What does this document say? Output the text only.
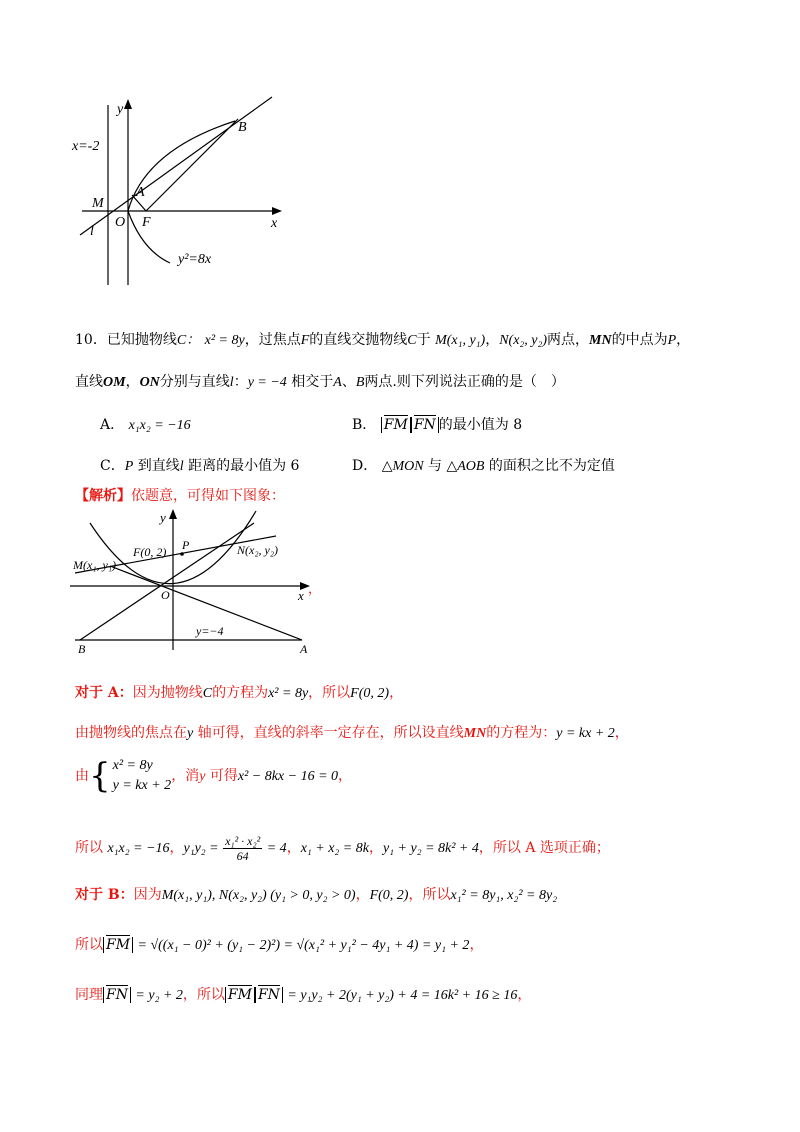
y
x
x=-2
M
l
O
A
F
B
y²=8x
10．已知抛物线C： x² = 8y，过焦点F的直线交抛物线C于 M(x₁, y₁)，N(x₂, y₂)两点，MN的中点为P，
直线OM，ON分别与直线l：y = −4 相交于A、B两点.则下列说法正确的是（　）
A． x₁x₂ = −16	B． FM FN 的最小值为 8
C．P 到直线l 距离的最小值为 6	D． △MON 与 △AOB 的面积之比不为定值
【解析】依题意，可得如下图象：
y
x
F(0, 2) P	N(x₂, y₂)
M(x₁, y₁)
O
y=−4
B	A
，
对于 A：因为抛物线C的方程为x² = 8y，所以F(0, 2)，
由抛物线的焦点在y 轴可得，直线的斜率一定存在，所以设直线MN的方程为：y = kx + 2，
由{ x² = 8y
y = kx + 2，消y 可得x² − 8kx − 16 = 0，
所以 x₁x₂ = −16，$y_1y_2 = \frac{\text{x₁² · x₂²}}{64} = 4$，x₁ + x₂ = 8k，y₁ + y₂ = 8k² + 4，所以 A 选项正确；
对于 B：因为M(x₁, y₁), N(x₂, y₂) (y₁ > 0, y₂ > 0)，F(0, 2)，所以x₁² = 8y₁, x₂² = 8y₂
所以 FM = √((x₁ − 0)² + (y₁ − 2)²) = √(x₁² + y₁² − 4y₁ + 4) = y₁ + 2，
同理 FN = y₂ + 2，所以 FM FN = y₁y₂ + 2(y₁ + y₂) + 4 = 16k² + 16 ≥ 16，
